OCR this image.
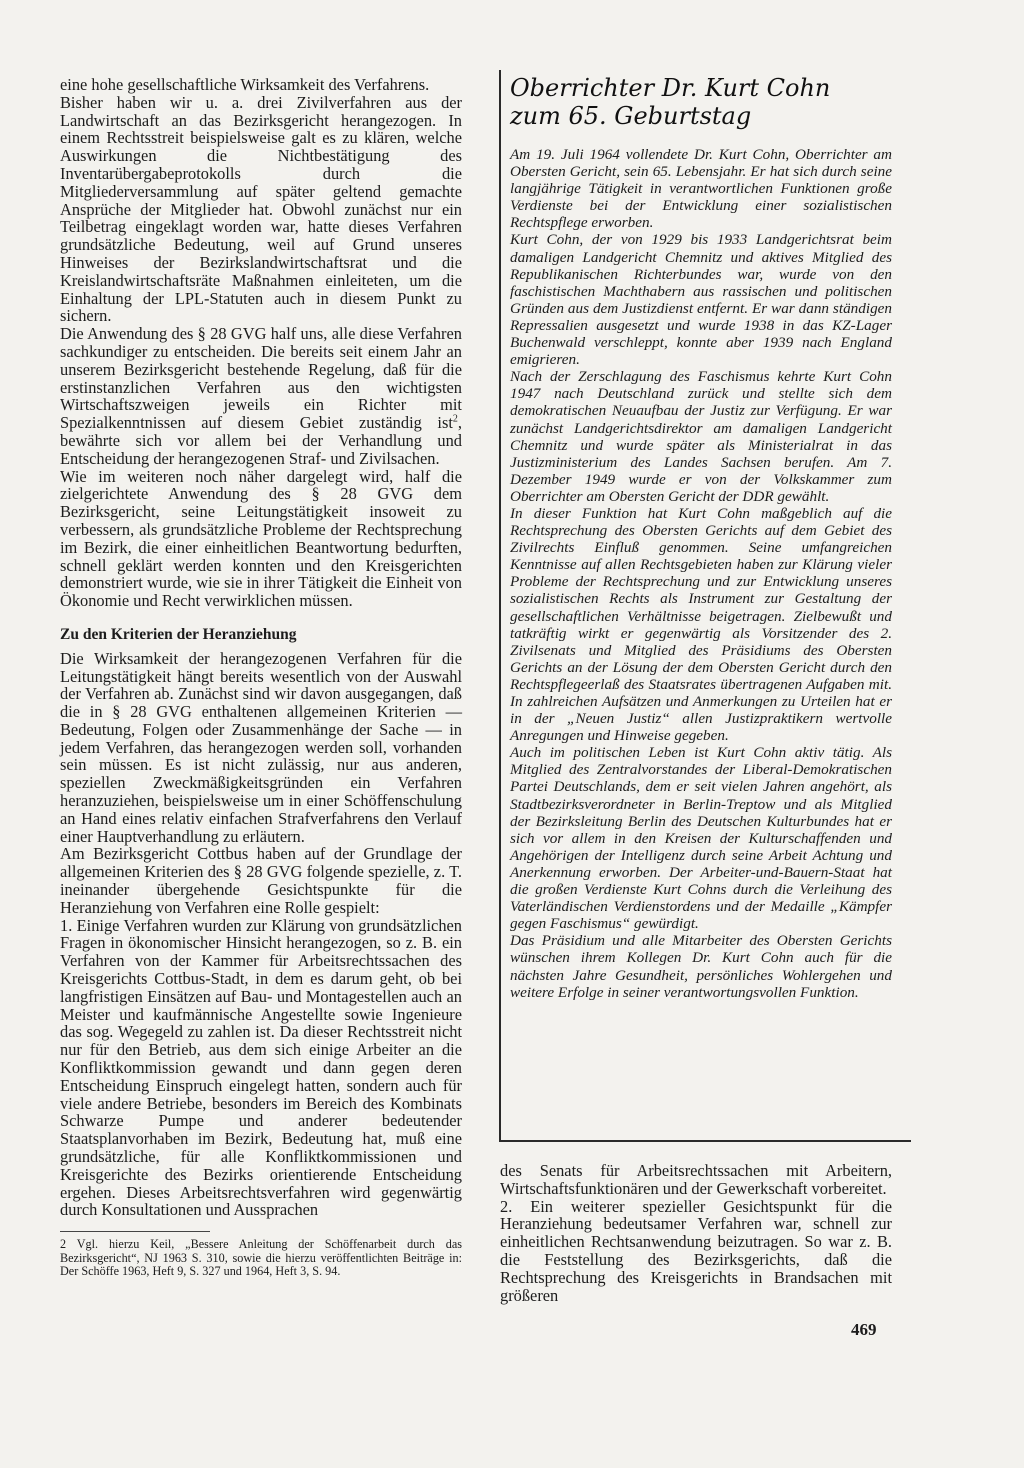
eine hohe gesellschaftliche Wirksamkeit des Verfahrens.

Bisher haben wir u. a. drei Zivilverfahren aus der Landwirtschaft an das Bezirksgericht herangezogen. In einem Rechtsstreit beispielsweise galt es zu klären, welche Auswirkungen die Nichtbestätigung des Inventarübergabeprotokolls durch die Mitgliederversammlung auf später geltend gemachte Ansprüche der Mitglieder hat. Obwohl zunächst nur ein Teilbetrag eingeklagt worden war, hatte dieses Verfahren grundsätzliche Bedeutung, weil auf Grund unseres Hinweises der Bezirkslandwirtschaftsrat und die Kreislandwirtschaftsräte Maßnahmen einleiteten, um die Einhaltung der LPL-Statuten auch in diesem Punkt zu sichern.

Die Anwendung des § 28 GVG half uns, alle diese Verfahren sachkundiger zu entscheiden. Die bereits seit einem Jahr an unserem Bezirksgericht bestehende Regelung, daß für die erstinstanzlichen Verfahren aus den wichtigsten Wirtschaftszweigen jeweils ein Richter mit Spezialkenntnissen auf diesem Gebiet zuständig ist$^2$, bewährte sich vor allem bei der Verhandlung und Entscheidung der herangezogenen Straf- und Zivilsachen.

Wie im weiteren noch näher dargelegt wird, half die zielgerichtete Anwendung des § 28 GVG dem Bezirksgericht, seine Leitungstätigkeit insoweit zu verbessern, als grundsätzliche Probleme der Rechtsprechung im Bezirk, die einer einheitlichen Beantwortung bedurften, schnell geklärt werden konnten und den Kreisgerichten demonstriert wurde, wie sie in ihrer Tätigkeit die Einheit von Ökonomie und Recht verwirklichen müssen.

Zu den Kriterien der Heranziehung

Die Wirksamkeit der herangezogenen Verfahren für die Leitungstätigkeit hängt bereits wesentlich von der Auswahl der Verfahren ab. Zunächst sind wir davon ausgegangen, daß die in § 28 GVG enthaltenen allgemeinen Kriterien — Bedeutung, Folgen oder Zusammenhänge der Sache — in jedem Verfahren, das herangezogen werden soll, vorhanden sein müssen. Es ist nicht zulässig, nur aus anderen, speziellen Zweckmäßigkeitsgründen ein Verfahren heranzuziehen, beispielsweise um in einer Schöffenschulung an Hand eines relativ einfachen Strafverfahrens den Verlauf einer Hauptverhandlung zu erläutern.

Am Bezirksgericht Cottbus haben auf der Grundlage der allgemeinen Kriterien des § 28 GVG folgende spezielle, z. T. ineinander übergehende Gesichtspunkte für die Heranziehung von Verfahren eine Rolle gespielt:

1. Einige Verfahren wurden zur Klärung von grundsätzlichen Fragen in ökonomischer Hinsicht herangezogen, so z. B. ein Verfahren von der Kammer für Arbeitsrechtssachen des Kreisgerichts Cottbus-Stadt, in dem es darum geht, ob bei langfristigen Einsätzen auf Bau- und Montagestellen auch an Meister und kaufmännische Angestellte sowie Ingenieure das sog. Wegegeld zu zahlen ist. Da dieser Rechtsstreit nicht nur für den Betrieb, aus dem sich einige Arbeiter an die Konfliktkommission gewandt und dann gegen deren Entscheidung Einspruch eingelegt hatten, sondern auch für viele andere Betriebe, besonders im Bereich des Kombinats Schwarze Pumpe und anderer bedeutender Staatsplanvorhaben im Bezirk, Bedeutung hat, muß eine grundsätzliche, für alle Konfliktkommissionen und Kreisgerichte des Bezirks orientierende Entscheidung ergehen. Dieses Arbeitsrechtsverfahren wird gegenwärtig durch Konsultationen und Aussprachen

2 Vgl. hierzu Keil, „Bessere Anleitung der Schöffenarbeit durch das Bezirksgericht“, NJ 1963 S. 310, sowie die hierzu veröffentlichten Beiträge in: Der Schöffe 1963, Heft 9, S. 327 und 1964, Heft 3, S. 94.

Oberrichter Dr. Kurt Cohn
zum 65. Geburtstag

Am 19. Juli 1964 vollendete Dr. Kurt Cohn, Oberrichter am Obersten Gericht, sein 65. Lebensjahr. Er hat sich durch seine langjährige Tätigkeit in verantwortlichen Funktionen große Verdienste bei der Entwicklung einer sozialistischen Rechtspflege erworben.

Kurt Cohn, der von 1929 bis 1933 Landgerichtsrat beim damaligen Landgericht Chemnitz und aktives Mitglied des Republikanischen Richterbundes war, wurde von den faschistischen Machthabern aus rassischen und politischen Gründen aus dem Justizdienst entfernt. Er war dann ständigen Repressalien ausgesetzt und wurde 1938 in das KZ-Lager Buchenwald verschleppt, konnte aber 1939 nach England emigrieren.

Nach der Zerschlagung des Faschismus kehrte Kurt Cohn 1947 nach Deutschland zurück und stellte sich dem demokratischen Neuaufbau der Justiz zur Verfügung. Er war zunächst Landgerichtsdirektor am damaligen Landgericht Chemnitz und wurde später als Ministerialrat in das Justizministerium des Landes Sachsen berufen. Am 7. Dezember 1949 wurde er von der Volkskammer zum Oberrichter am Obersten Gericht der DDR gewählt.

In dieser Funktion hat Kurt Cohn maßgeblich auf die Rechtsprechung des Obersten Gerichts auf dem Gebiet des Zivilrechts Einfluß genommen. Seine umfangreichen Kenntnisse auf allen Rechtsgebieten haben zur Klärung vieler Probleme der Rechtsprechung und zur Entwicklung unseres sozialistischen Rechts als Instrument zur Gestaltung der gesellschaftlichen Verhältnisse beigetragen. Zielbewußt und tatkräftig wirkt er gegenwärtig als Vorsitzender des 2. Zivilsenats und Mitglied des Präsidiums des Obersten Gerichts an der Lösung der dem Obersten Gericht durch den Rechtspflegeerlaß des Staatsrates übertragenen Aufgaben mit. In zahlreichen Aufsätzen und Anmerkungen zu Urteilen hat er in der „Neuen Justiz“ allen Justizpraktikern wertvolle Anregungen und Hinweise gegeben.

Auch im politischen Leben ist Kurt Cohn aktiv tätig. Als Mitglied des Zentralvorstandes der Liberal-Demokratischen Partei Deutschlands, dem er seit vielen Jahren angehört, als Stadtbezirksverordneter in Berlin-Treptow und als Mitglied der Bezirksleitung Berlin des Deutschen Kulturbundes hat er sich vor allem in den Kreisen der Kulturschaffenden und Angehörigen der Intelligenz durch seine Arbeit Achtung und Anerkennung erworben. Der Arbeiter-und-Bauern-Staat hat die großen Verdienste Kurt Cohns durch die Verleihung des Vaterländischen Verdienstordens und der Medaille „Kämpfer gegen Faschismus“ gewürdigt.

Das Präsidium und alle Mitarbeiter des Obersten Gerichts wünschen ihrem Kollegen Dr. Kurt Cohn auch für die nächsten Jahre Gesundheit, persönliches Wohlergehen und weitere Erfolge in seiner verantwortungsvollen Funktion.

des Senats für Arbeitsrechtssachen mit Arbeitern, Wirtschaftsfunktionären und der Gewerkschaft vorbereitet.

2. Ein weiterer spezieller Gesichtspunkt für die Heranziehung bedeutsamer Verfahren war, schnell zur einheitlichen Rechtsanwendung beizutragen. So war z. B. die Feststellung des Bezirksgerichts, daß die Rechtsprechung des Kreisgerichts in Brandsachen mit größeren

469
